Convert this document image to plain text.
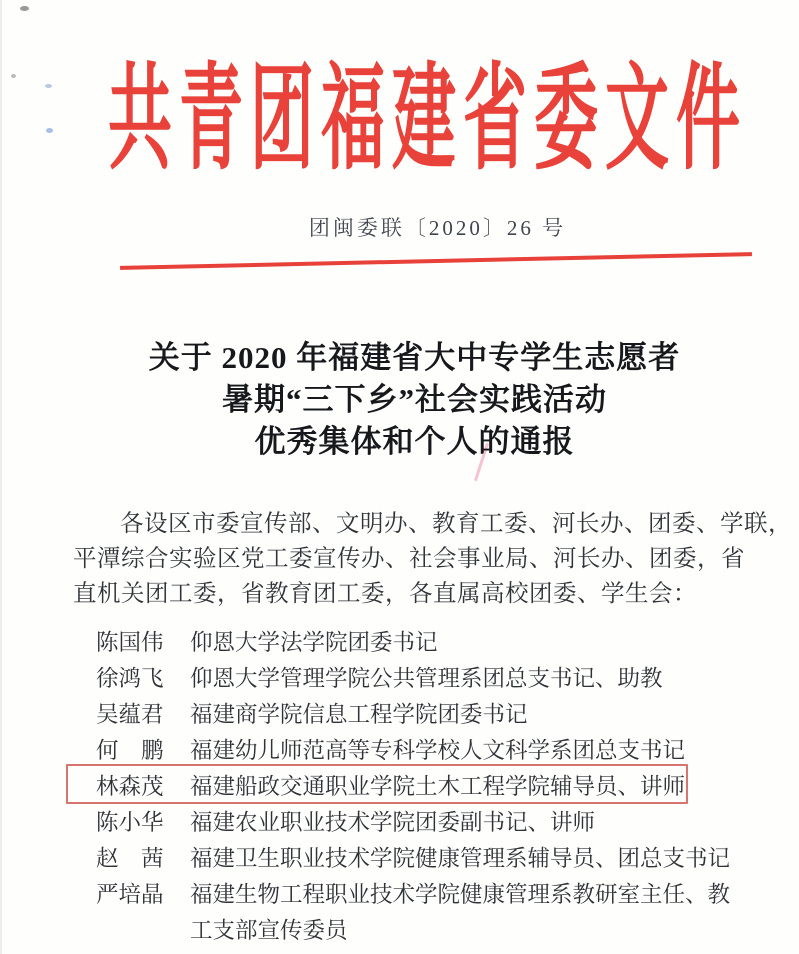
共青团福建省委文件
团闽委联〔2020〕26 号
关于 2020 年福建省大中专学生志愿者
暑期“三下乡”社会实践活动
优秀集体和个人的通报
各设区市委宣传部、文明办、教育工委、河长办、团委、学联，
平潭综合实验区党工委宣传办、社会事业局、河长办、团委，省
直机关团工委，省教育团工委，各直属高校团委、学生会：
陈国伟 仰恩大学法学院团委书记
徐鸿飞 仰恩大学管理学院公共管理系团总支书记、助教
吴蕴君 福建商学院信息工程学院团委书记
何　鹏 福建幼儿师范高等专科学校人文科学系团总支书记
林森茂 福建船政交通职业学院土木工程学院辅导员、讲师
陈小华 福建农业职业技术学院团委副书记、讲师
赵　茜 福建卫生职业技术学院健康管理系辅导员、团总支书记
严培晶 福建生物工程职业技术学院健康管理系教研室主任、教工支部宣传委员
